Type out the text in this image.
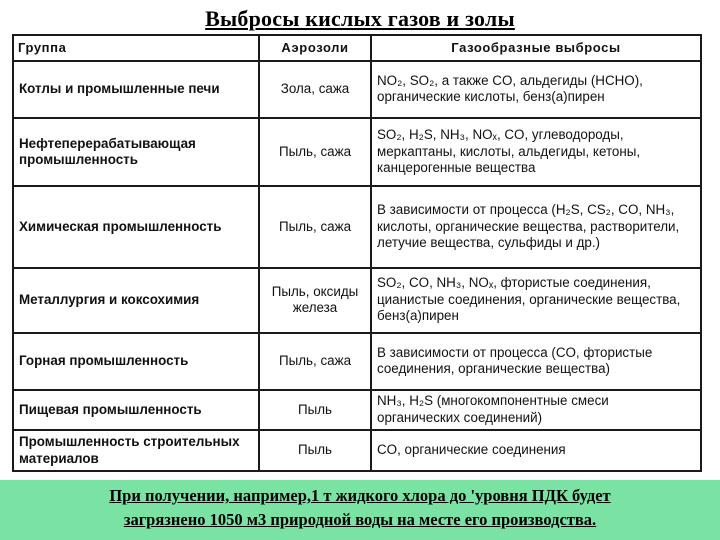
Выбросы кислых газов и золы
Группа	Аэрозоли	Газообразные выбросы
Котлы и промышленные печи	Зола, сажа	NO₂, SO₂, а также CO, альдегиды (HCHO), органические кислоты, бенз(а)пирен
Нефтеперерабатывающая промышленность	Пыль, сажа	SO₂, H₂S, NH₃, NOₓ, CO, углеводороды, меркаптаны, кислоты, альдегиды, кетоны, канцерогенные вещества
Химическая промышленность	Пыль, сажа	В зависимости от процесса (H₂S, CS₂, CO, NH₃, кислоты, органические вещества, растворители, летучие вещества, сульфиды и др.)
Металлургия и коксохимия	Пыль, оксиды железа	SO₂, CO, NH₃, NOₓ, фтористые соединения, цианистые соединения, органические вещества, бенз(а)пирен
Горная промышленность	Пыль, сажа	В зависимости от процесса (CO, фтористые соединения, органические вещества)
Пищевая промышленность	Пыль	NH₃, H₂S (многокомпонентные смеси органических соединений)
Промышленность строительных материалов	Пыль	CO, органические соединения
При получении, например,1 т жидкого хлора до 'уровня ПДК будет
загрязнено 1050 м3 природной воды на месте его производства.
